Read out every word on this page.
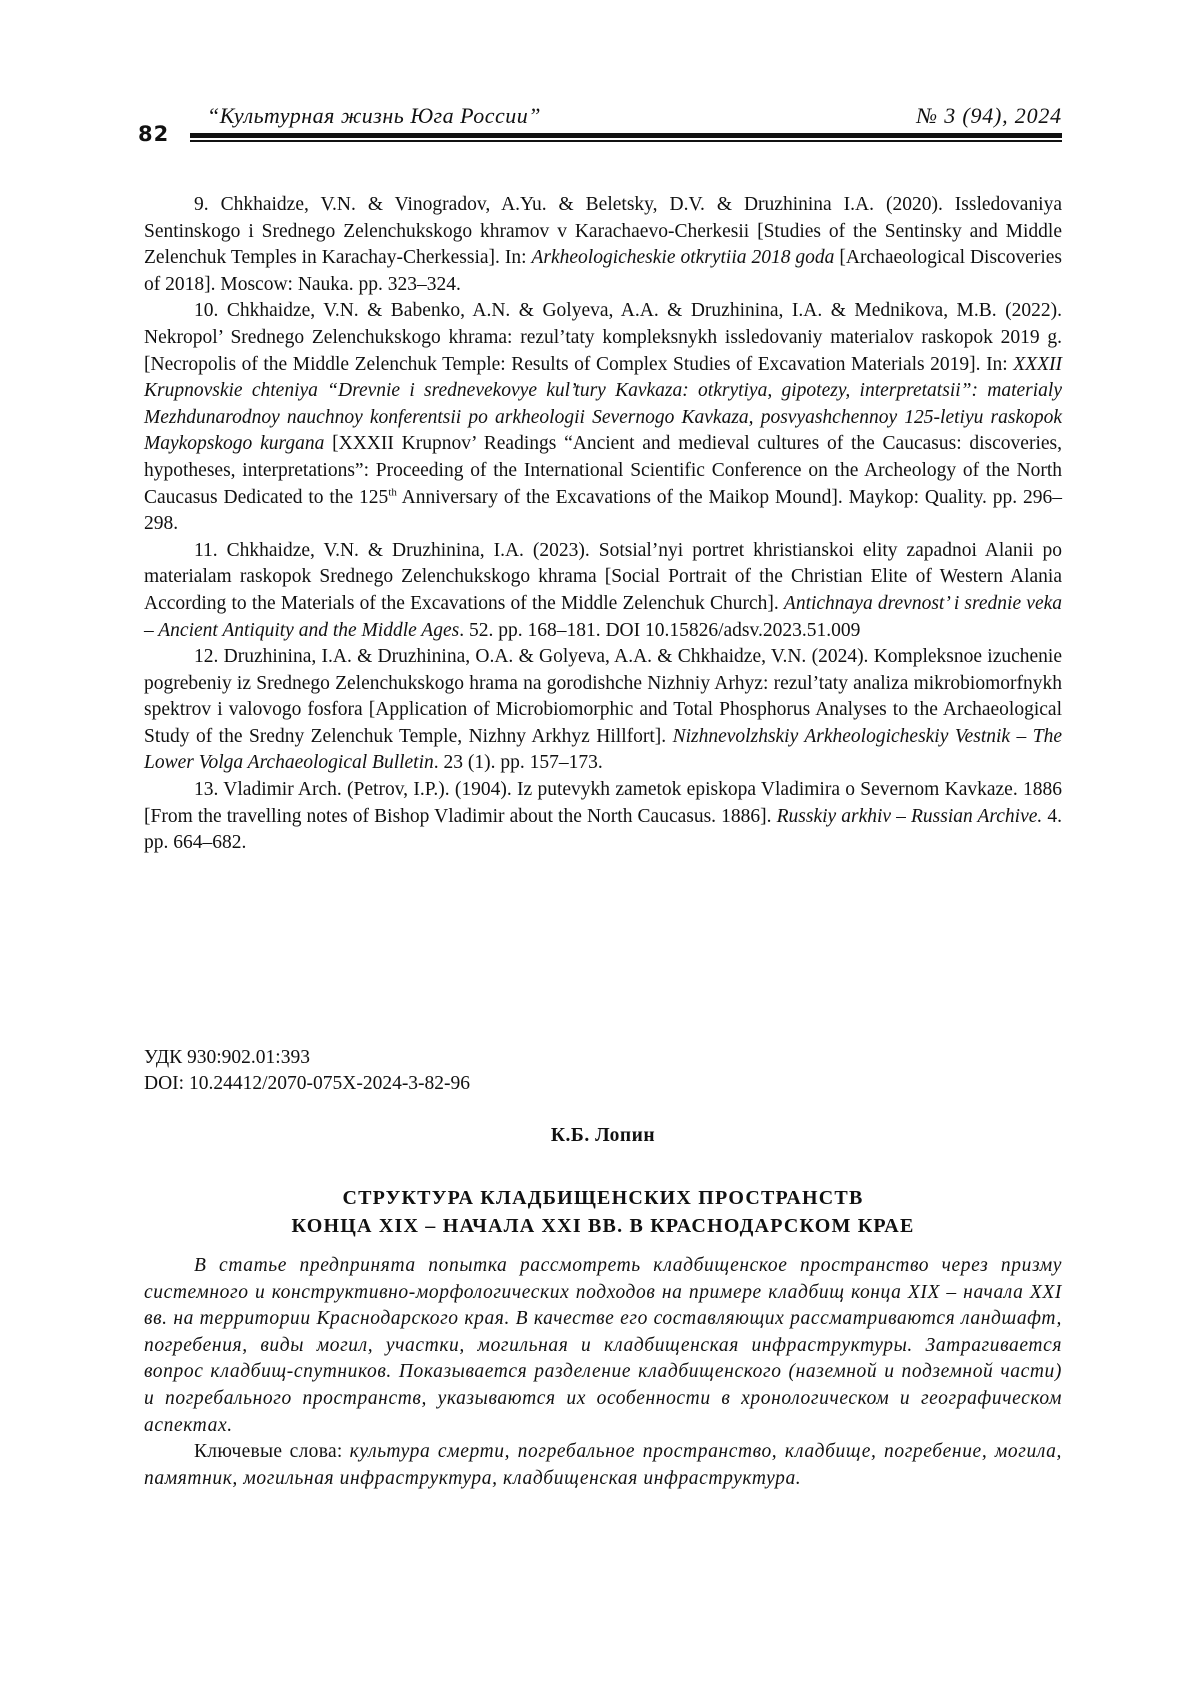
82
“Культурная жизнь Юга России”	№ 3 (94), 2024

9. Chkhaidze, V.N. & Vinogradov, A.Yu. & Beletsky, D.V. & Druzhinina I.A. (2020). Issledovaniya Sentinskogo i Srednego Zelenchukskogo khramov v Karachaevo-Cherkesii [Studies of the Sentinsky and Middle Zelenchuk Temples in Karachay-Cherkessia]. In: Arkheologicheskie otkrytiia 2018 goda [Archaeological Discoveries of 2018]. Moscow: Nauka. pp. 323–324.

10. Chkhaidze, V.N. & Babenko, A.N. & Golyeva, A.A. & Druzhinina, I.A. & Mednikova, M.B. (2022). Nekropol’ Srednego Zelenchukskogo khrama: rezul’taty kompleksnykh issledovaniy materialov raskopok 2019 g. [Necropolis of the Middle Zelenchuk Temple: Results of Complex Studies of Excavation Materials 2019]. In: XXXII Krupnovskie chteniya “Drevnie i srednevekovye kul’tury Kavkaza: otkrytiya, gipotezy, interpretatsii”: materialy Mezhdunarodnoy nauchnoy konferentsii po arkheologii Severnogo Kavkaza, posvyashchennoy 125-letiyu raskopok Maykopskogo kurgana [XXXII Krupnov’ Readings “Ancient and medieval cultures of the Caucasus: discoveries, hypotheses, interpretations”: Proceeding of the International Scientific Conference on the Archeology of the North Caucasus Dedicated to the 125th Anniversary of the Excavations of the Maikop Mound]. Maykop: Quality. pp. 296–298.

11. Chkhaidze, V.N. & Druzhinina, I.A. (2023). Sotsial’nyi portret khristianskoi elity zapadnoi Alanii po materialam raskopok Srednego Zelenchukskogo khrama [Social Portrait of the Christian Elite of Western Alania According to the Materials of the Excavations of the Middle Zelenchuk Church]. Antichnaya drevnost’ i srednie veka – Ancient Antiquity and the Middle Ages. 52. pp. 168–181. DOI 10.15826/adsv.2023.51.009

12. Druzhinina, I.A. & Druzhinina, O.A. & Golyeva, A.A. & Chkhaidze, V.N. (2024). Kompleksnoe izuchenie pogrebeniy iz Srednego Zelenchukskogo hrama na gorodishche Nizhniy Arhyz: rezul’taty analiza mikrobiomorfnykh spektrov i valovogo fosfora [Application of Microbiomorphic and Total Phosphorus Analyses to the Archaeological Study of the Sredny Zelenchuk Temple, Nizhny Arkhyz Hillfort]. Nizhnevolzhskiy Arkheologicheskiy Vestnik – The Lower Volga Archaeological Bulletin. 23 (1). pp. 157–173.

13. Vladimir Arch. (Petrov, I.P.). (1904). Iz putevykh zametok episkopa Vladimira o Severnom Kavkaze. 1886 [From the travelling notes of Bishop Vladimir about the North Caucasus. 1886]. Russkiy arkhiv – Russian Archive. 4. pp. 664–682.

УДК 930:902.01:393
DOI: 10.24412/2070-075X-2024-3-82-96
К.Б. Лопин
СТРУКТУРА КЛАДБИЩЕНСКИХ ПРОСТРАНСТВ
КОНЦА XIX – НАЧАЛА XXI ВВ. В КРАСНОДАРСКОМ КРАЕ

В статье предпринята попытка рассмотреть кладбищенское пространство через призму системного и конструктивно-морфологических подходов на примере кладбищ конца XIX – начала XXI вв. на территории Краснодарского края. В качестве его составляющих рассматриваются ландшафт, погребения, виды могил, участки, могильная и кладбищенская инфраструктуры. Затрагивается вопрос кладбищ-спутников. Показывается разделение кладбищенского (наземной и подземной части) и погребального пространств, указываются их особенности в хронологическом и географическом аспектах.

Ключевые слова: культура смерти, погребальное пространство, кладбище, погребение, могила, памятник, могильная инфраструктура, кладбищенская инфраструктура.
